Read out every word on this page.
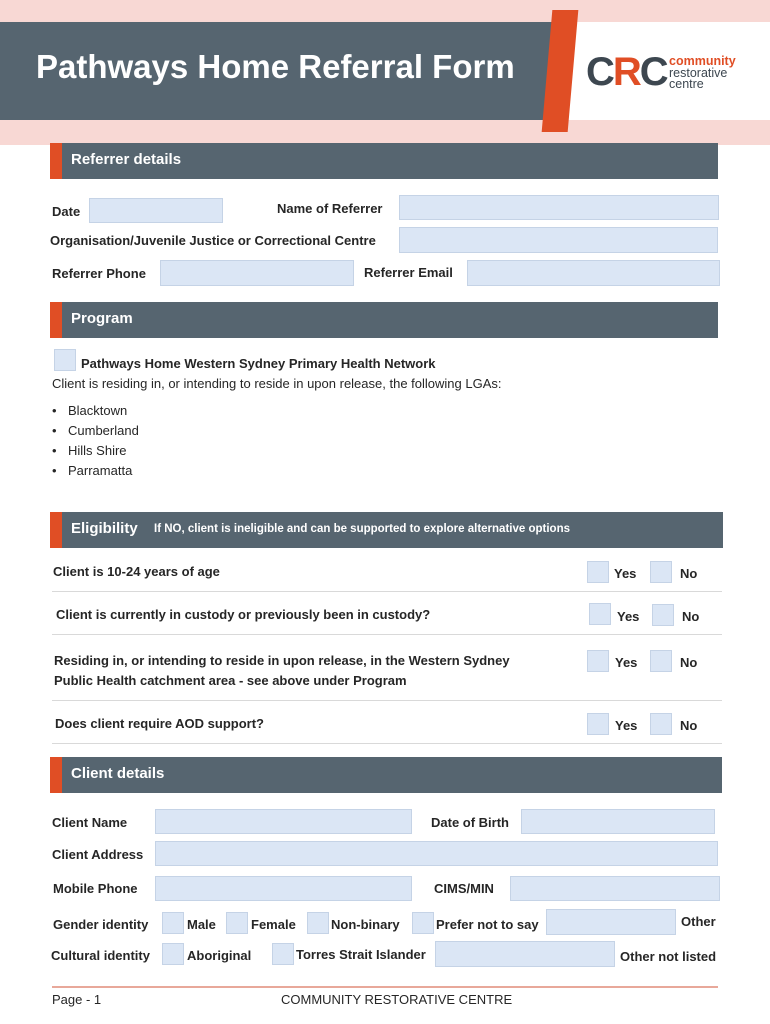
Pathways Home Referral Form CRC community
restorative
centre
Referrer details
Date	Name of Referrer
Organisation/Juvenile Justice or Correctional Centre
Referrer Phone	Referrer Email
Program
Pathways Home Western Sydney Primary Health Network
Client is residing in, or intending to reside in upon release, the following LGAs:
• Blacktown
• Cumberland
• Hills Shire
• Parramatta
Eligibility If NO, client is ineligible and can be supported to explore alternative options
Client is 10-24 years of age	Yes	No
Client is currently in custody or previously been in custody?	Yes	No
Residing in, or intending to reside in upon release, in the Western Sydney
Public Health catchment area - see above under Program
Yes	No
Does client require AOD support?	Yes	No
Client details
Client Name	Date of Birth
Client Address
Mobile Phone	CIMS/MIN
Gender identity	Male	Female	Non-binary	Prefer not to say	Other
Cultural identity	Aboriginal	Torres Strait Islander	Other not listed
Page - 1	COMMUNITY RESTORATIVE CENTRE
